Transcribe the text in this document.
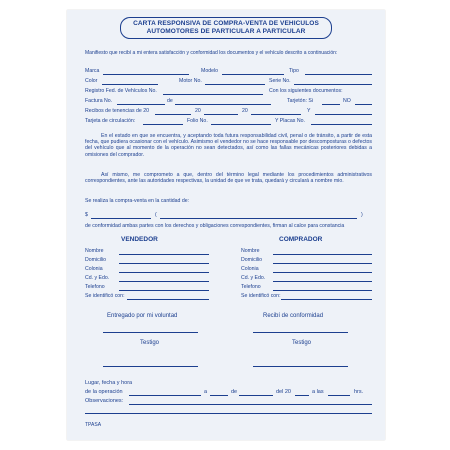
CARTA RESPONSIVA DE COMPRA-VENTA DE VEHICULOS
AUTOMOTORES DE PARTICULAR A PARTICULAR
Manifiesto que recibí a mi entera satisfacción y conformidad los documentos y el vehículo descrito a continuación:
Marca	Modelo	Tipo
Color	Motor No.	Serie No.
Registro Fed. de Vehículos No.	Con los siguientes documentos:
Factura No.	de	Tarjetón: Si	NO
Recibos de tenencias de 20	20	20	Y
Tarjeta de circulación:	Folio No.	Y Placas No.
En el estado en que se encuentra, y aceptando toda futura responsabilidad civil, penal o de tránsito, a partir de esta fecha, que pudiera ocasionar con el vehículo. Asimismo el vendedor no se hace responsable por descomposturas o defectos del vehículo que al momento de la operación no sean detectados, así como las fallas mecánicas posteriores debidas a omisiones del comprador.
Así mismo, me comprometo a que, dentro del término legal mediante los procedimientos administrativos correspondientes, ante las autoridades respectivas, la unidad de que ve trata, quedará y circulará a nombre mio.
Se realiza la compra-venta en la cantidad de:
$	(	)
de conformidad ambas partes con los derechos y obligaciones correspondientes, firman al calce para constancia
VENDEDOR
Nombre
Domicilio
Colonia
Cd. y Edo.
Telefono
Se identificó con:
COMPRADOR
Nombre
Domicilio
Colonia
Cd. y Edo.
Telefono
Se identificó con:
Entregado por mi voluntad	Recibí de conformidad
Testigo	Testigo
Lugar, fecha y hora
de la operación	a	de	del 20	a las	hrs.
Observaciones:
TPASA
